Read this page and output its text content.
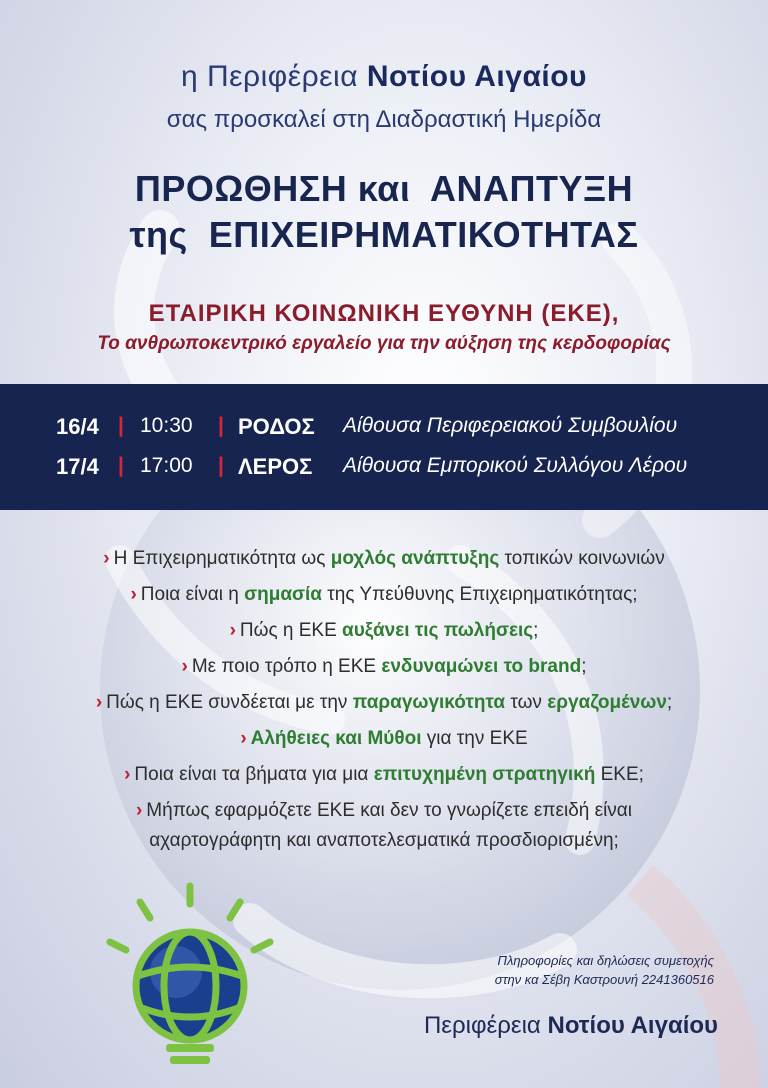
η Περιφέρεια Νοτίου Αιγαίου
σας προσκαλεί στη Διαδραστική Ημερίδα
ΠΡΟΩΘΗΣΗ και  ΑΝΑΠΤΥΞΗ
της  ΕΠΙΧΕΙΡΗΜΑΤΙΚΟΤΗΤΑΣ
ΕΤΑΙΡΙΚΗ ΚΟΙΝΩΝΙΚΗ ΕΥΘΥΝΗ (ΕΚΕ),
Το ανθρωποκεντρικό εργαλείο για την αύξηση της κερδοφορίας
16/4 | 10:30 | ΡΟΔΟΣ Αίθουσα Περιφερειακού Συμβουλίου
17/4 | 17:00 | ΛΕΡΟΣ Αίθουσα Εμπορικού Συλλόγου Λέρου
› Η Επιχειρηματικότητα ως μοχλός ανάπτυξης τοπικών κοινωνιών
› Ποια είναι η σημασία της Υπεύθυνης Επιχειρηματικότητας;
› Πώς η ΕΚΕ αυξάνει τις πωλήσεις;
› Με ποιο τρόπο η ΕΚΕ ενδυναμώνει το brand;
› Πώς η ΕΚΕ συνδέεται με την παραγωγικότητα των εργαζομένων;
› Αλήθειες και Μύθοι για την ΕΚΕ
› Ποια είναι τα βήματα για μια επιτυχημένη στρατηγική ΕΚΕ;
› Μήπως εφαρμόζετε ΕΚΕ και δεν το γνωρίζετε επειδή είναι
αχαρτογράφητη και αναποτελεσματικά προσδιορισμένη;
Πληροφορίες και δηλώσεις συμετοχής
στην κα Σέβη Καστρουνή 2241360516
Περιφέρεια Νοτίου Αιγαίου
